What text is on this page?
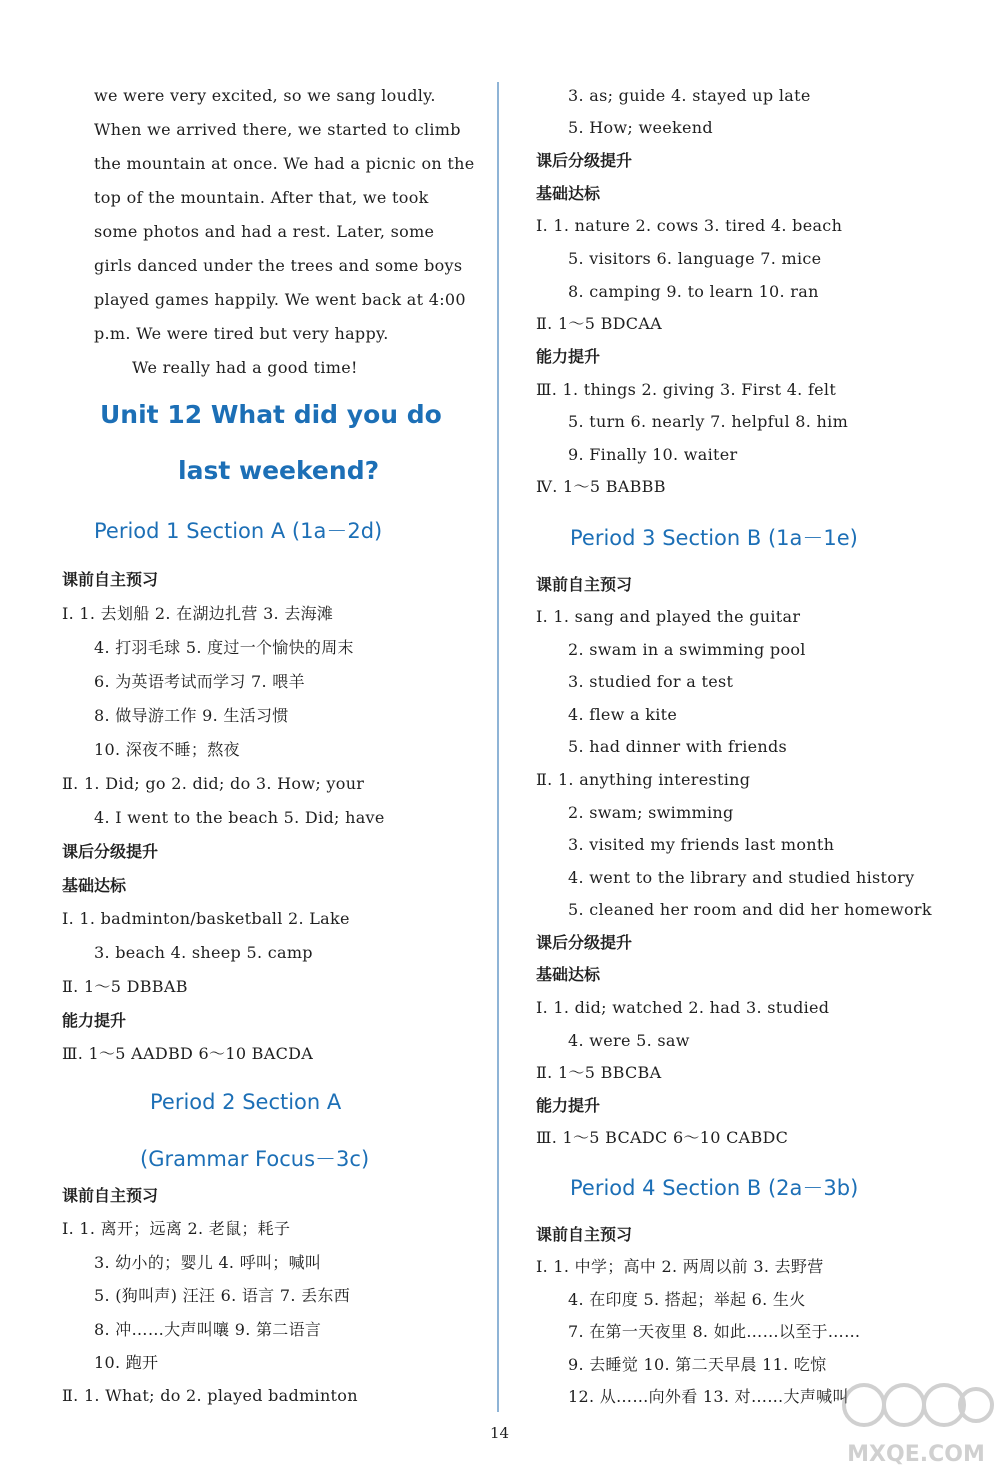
we were very excited, so we sang loudly.
When we arrived there, we started to climb
the mountain at once. We had a picnic on the
top of the mountain. After that, we took
some photos and had a rest. Later, some
girls danced under the trees and some boys
played games happily. We went back at 4:00
p.m. We were tired but very happy.
We really had a good time!
Unit 12 What did you do
last weekend?
Period 1 Section A (1a－2d)
课前自主预习
Ⅰ. 1. 去划船 2. 在湖边扎营 3. 去海滩
4. 打羽毛球 5. 度过一个愉快的周末
6. 为英语考试而学习 7. 喂羊
8. 做导游工作 9. 生活习惯
10. 深夜不睡；熬夜
Ⅱ. 1. Did; go 2. did; do 3. How; your
4. I went to the beach 5. Did; have
课后分级提升
基础达标
Ⅰ. 1. badminton/basketball 2. Lake
3. beach 4. sheep 5. camp
Ⅱ. 1～5 DBBAB
能力提升
Ⅲ. 1～5 AADBD 6～10 BACDA
Period 2 Section A
(Grammar Focus－3c)
课前自主预习
Ⅰ. 1. 离开；远离 2. 老鼠；耗子
3. 幼小的；婴儿 4. 呼叫；喊叫
5. (狗叫声) 汪汪 6. 语言 7. 丢东西
8. 冲……大声叫嚷 9. 第二语言
10. 跑开
Ⅱ. 1. What; do 2. played badminton
3. as; guide 4. stayed up late
5. How; weekend
课后分级提升
基础达标
Ⅰ. 1. nature 2. cows 3. tired 4. beach
5. visitors 6. language 7. mice
8. camping 9. to learn 10. ran
Ⅱ. 1～5 BDCAA
能力提升
Ⅲ. 1. things 2. giving 3. First 4. felt
5. turn 6. nearly 7. helpful 8. him
9. Finally 10. waiter
Ⅳ. 1～5 BABBB
Period 3 Section B (1a－1e)
课前自主预习
Ⅰ. 1. sang and played the guitar
2. swam in a swimming pool
3. studied for a test
4. flew a kite
5. had dinner with friends
Ⅱ. 1. anything interesting
2. swam; swimming
3. visited my friends last month
4. went to the library and studied history
5. cleaned her room and did her homework
课后分级提升
基础达标
Ⅰ. 1. did; watched 2. had 3. studied
4. were 5. saw
Ⅱ. 1～5 BBCBA
能力提升
Ⅲ. 1～5 BCADC 6～10 CABDC
Period 4 Section B (2a－3b)
课前自主预习
Ⅰ. 1. 中学；高中 2. 两周以前 3. 去野营
4. 在印度 5. 搭起；举起 6. 生火
7. 在第一天夜里 8. 如此……以至于……
9. 去睡觉 10. 第二天早晨 11. 吃惊
12. 从……向外看 13. 对……大声喊叫
14
MXQE.COM
